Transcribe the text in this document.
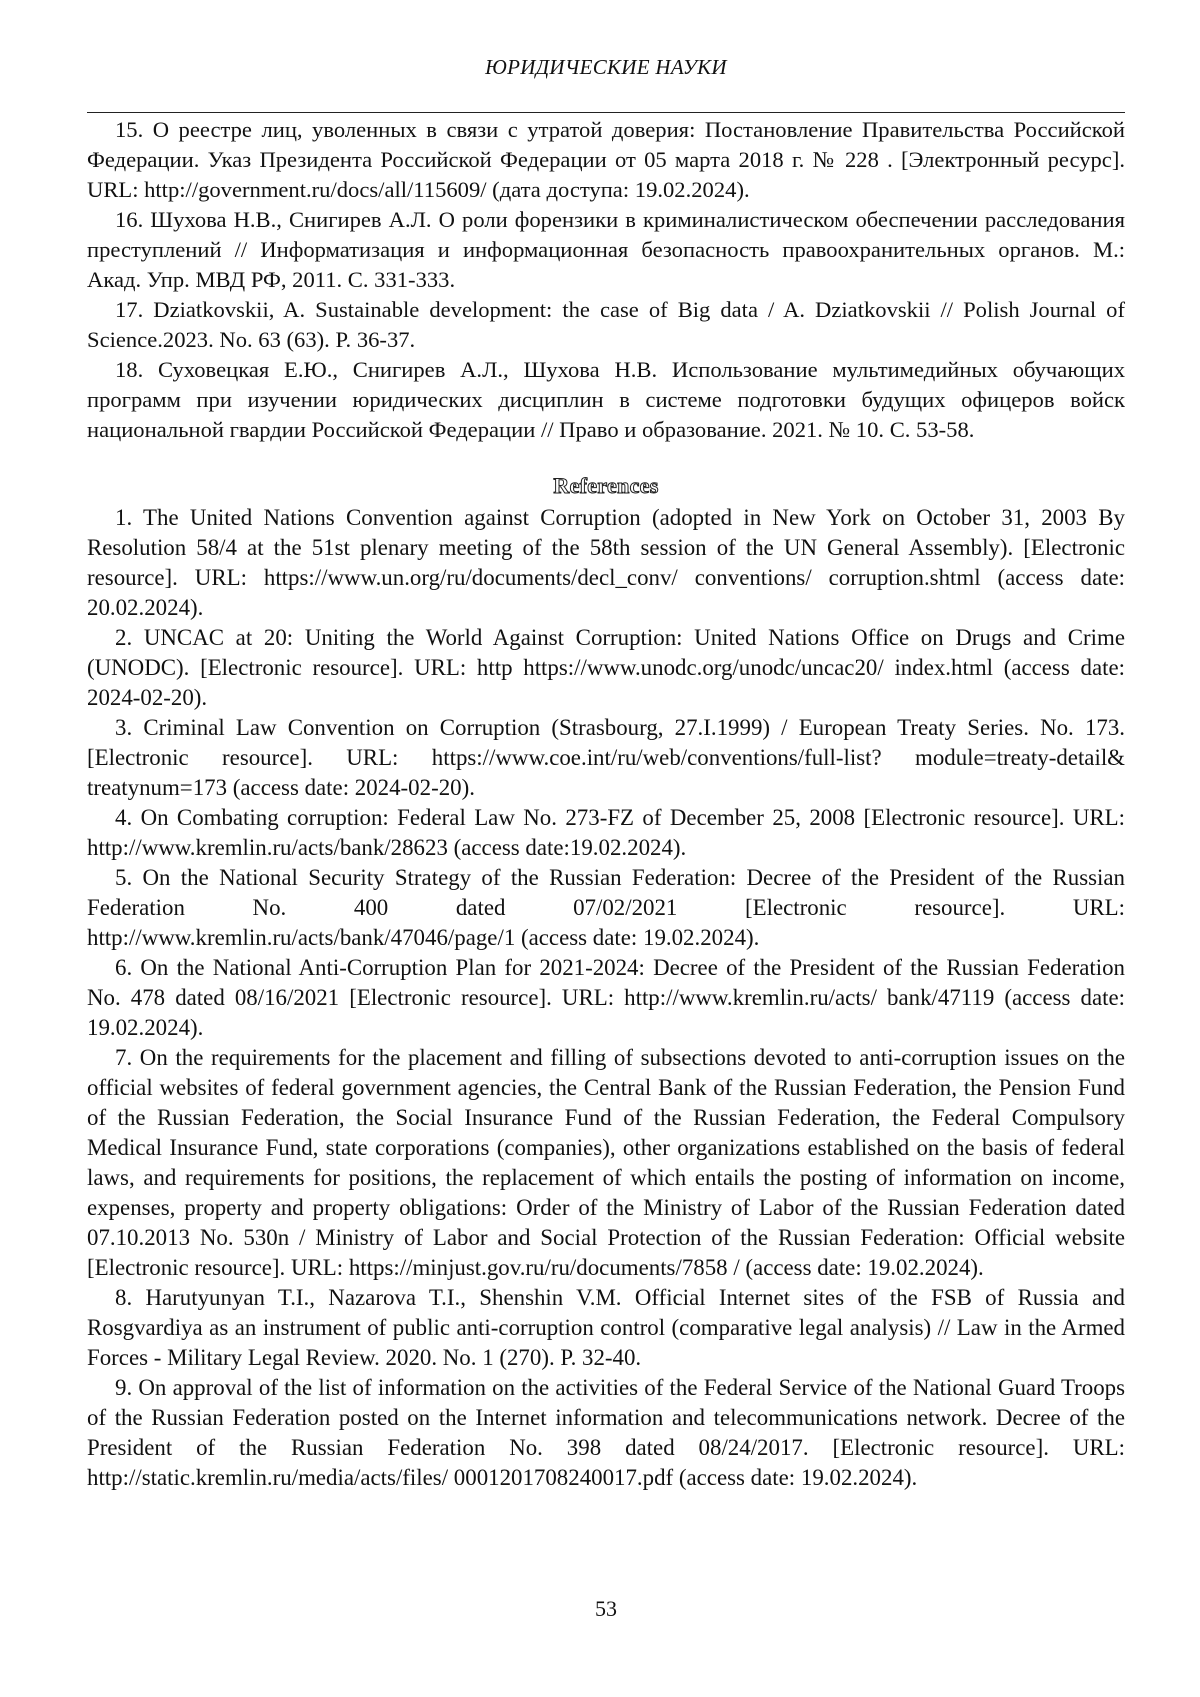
ЮРИДИЧЕСКИЕ НАУКИ

15. О реестре лиц, уволенных в связи с утратой доверия: Постановление Правительства Российской Федерации. Указ Президента Российской Федерации от 05 марта 2018 г. № 228 . [Электронный ресурс]. URL: http://government.ru/docs/all/115609/ (дата доступа: 19.02.2024).

16. Шухова Н.В., Снигирев А.Л. О роли форензики в криминалистическом обеспечении расследования преступлений // Информатизация и информационная безопасность правоохранительных органов. М.: Акад. Упр. МВД РФ, 2011. С. 331-333.

17. Dziatkovskii, A. Sustainable development: the case of Big data / A. Dziatkovskii // Polish Journal of Science.2023. No. 63 (63). P. 36-37.

18. Суховецкая Е.Ю., Снигирев А.Л., Шухова Н.В. Использование мультимедийных обучающих программ при изучении юридических дисциплин в системе подготовки будущих офицеров войск национальной гвардии Российской Федерации // Право и образование. 2021. № 10. С. 53-58.

References

1. The United Nations Convention against Corruption (adopted in New York on October 31, 2003 By Resolution 58/4 at the 51st plenary meeting of the 58th session of the UN General Assembly). [Electronic resource]. URL: https://www.un.org/ru/documents/decl_conv/ conventions/ corruption.shtml (access date: 20.02.2024).

2. UNCAC at 20: Uniting the World Against Corruption: United Nations Office on Drugs and Crime (UNODC). [Electronic resource]. URL: http https://www.unodc.org/unodc/uncac20/ index.html (access date: 2024-02-20).

3. Criminal Law Convention on Corruption (Strasbourg, 27.I.1999) / European Treaty Series. No. 173. [Electronic resource]. URL: https://www.coe.int/ru/web/conventions/full-list? module=treaty-detail& treatynum=173 (access date: 2024-02-20).

4. On Combating corruption: Federal Law No. 273-FZ of December 25, 2008 [Electronic resource]. URL: http://www.kremlin.ru/acts/bank/28623 (access date:19.02.2024).

5. On the National Security Strategy of the Russian Federation: Decree of the President of the Russian Federation No. 400 dated 07/02/2021 [Electronic resource]. URL: http://www.kremlin.ru/acts/bank/47046/page/1 (access date: 19.02.2024).

6. On the National Anti-Corruption Plan for 2021-2024: Decree of the President of the Russian Federation No. 478 dated 08/16/2021 [Electronic resource]. URL: http://www.kremlin.ru/acts/ bank/47119 (access date: 19.02.2024).

7. On the requirements for the placement and filling of subsections devoted to anti-corruption issues on the official websites of federal government agencies, the Central Bank of the Russian Federation, the Pension Fund of the Russian Federation, the Social Insurance Fund of the Russian Federation, the Federal Compulsory Medical Insurance Fund, state corporations (companies), other organizations established on the basis of federal laws, and requirements for positions, the replacement of which entails the posting of information on income, expenses, property and property obligations: Order of the Ministry of Labor of the Russian Federation dated 07.10.2013 No. 530n / Ministry of Labor and Social Protection of the Russian Federation: Official website [Electronic resource]. URL: https://minjust.gov.ru/ru/documents/7858 / (access date: 19.02.2024).

8. Harutyunyan T.I., Nazarova T.I., Shenshin V.M. Official Internet sites of the FSB of Russia and Rosgvardiya as an instrument of public anti-corruption control (comparative legal analysis) // Law in the Armed Forces - Military Legal Review. 2020. No. 1 (270). P. 32-40.

9. On approval of the list of information on the activities of the Federal Service of the National Guard Troops of the Russian Federation posted on the Internet information and telecommunications network. Decree of the President of the Russian Federation No. 398 dated 08/24/2017. [Electronic resource]. URL: http://static.kremlin.ru/media/acts/files/ 0001201708240017.pdf (access date: 19.02.2024).

53
